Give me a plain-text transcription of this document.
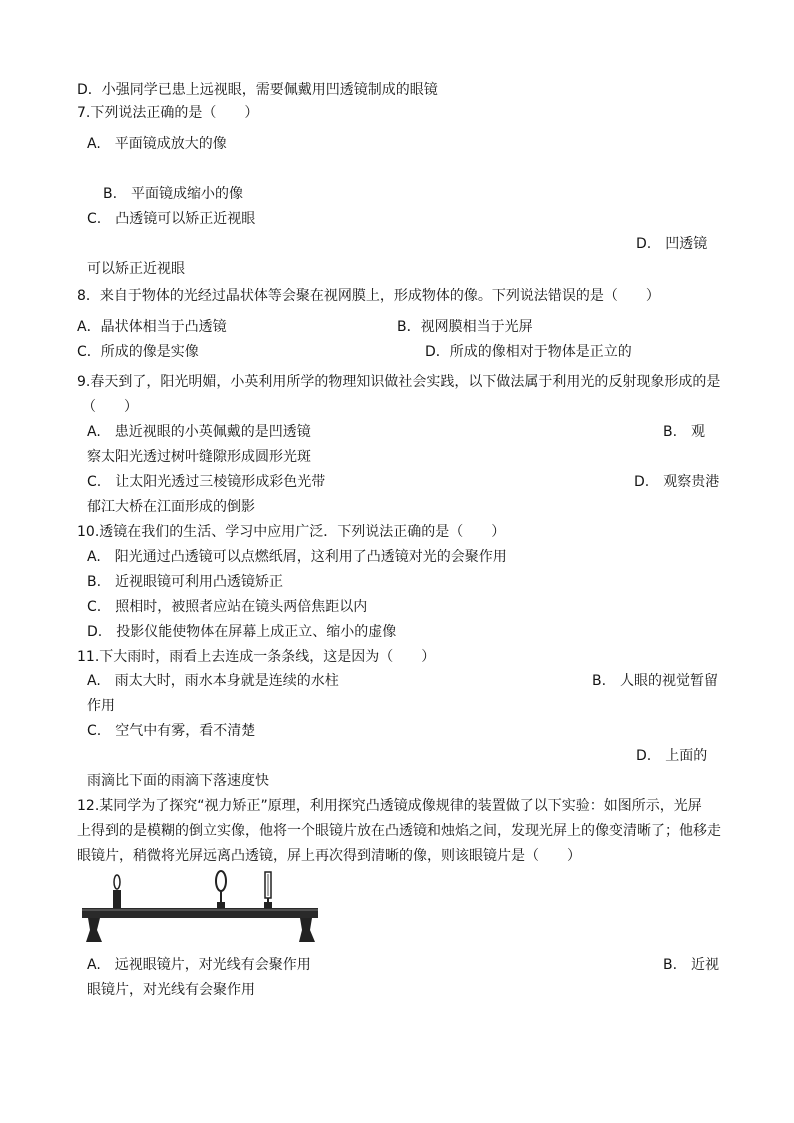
D．小强同学已患上远视眼，需要佩戴用凹透镜制成的眼镜
7.下列说法正确的是（　　）
A.　平面镜成放大的像
B.　平面镜成缩小的像
C.　凸透镜可以矫正近视眼
D.　凹透镜
可以矫正近视眼
8．来自于物体的光经过晶状体等会聚在视网膜上，形成物体的像。下列说法错误的是（　　）
A．晶状体相当于凸透镜	B．视网膜相当于光屏
C．所成的像是实像	D．所成的像相对于物体是正立的
9.春天到了，阳光明媚，小英利用所学的物理知识做社会实践，以下做法属于利用光的反射现象形成的是
（　　）
A.　患近视眼的小英佩戴的是凹透镜	B.　观
察太阳光透过树叶缝隙形成圆形光斑
C.　让太阳光透过三棱镜形成彩色光带	D.　观察贵港
郁江大桥在江面形成的倒影
10.透镜在我们的生活、学习中应用广泛．下列说法正确的是（　　）
A.　阳光通过凸透镜可以点燃纸屑，这利用了凸透镜对光的会聚作用
B.　近视眼镜可利用凸透镜矫正
C.　照相时，被照者应站在镜头两倍焦距以内
D.　投影仪能使物体在屏幕上成正立、缩小的虚像
11.下大雨时，雨看上去连成一条条线，这是因为（　　）
A.　雨太大时，雨水本身就是连续的水柱	B.　人眼的视觉暂留
作用
C.　空气中有雾，看不清楚
D.　上面的
雨滴比下面的雨滴下落速度快
12.某同学为了探究“视力矫正”原理，利用探究凸透镜成像规律的装置做了以下实验：如图所示，光屏
上得到的是模糊的倒立实像，他将一个眼镜片放在凸透镜和烛焰之间，发现光屏上的像变清晰了；他移走
眼镜片，稍微将光屏远离凸透镜，屏上再次得到清晰的像，则该眼镜片是（　　）
A.　远视眼镜片，对光线有会聚作用	B.　近视
眼镜片，对光线有会聚作用
